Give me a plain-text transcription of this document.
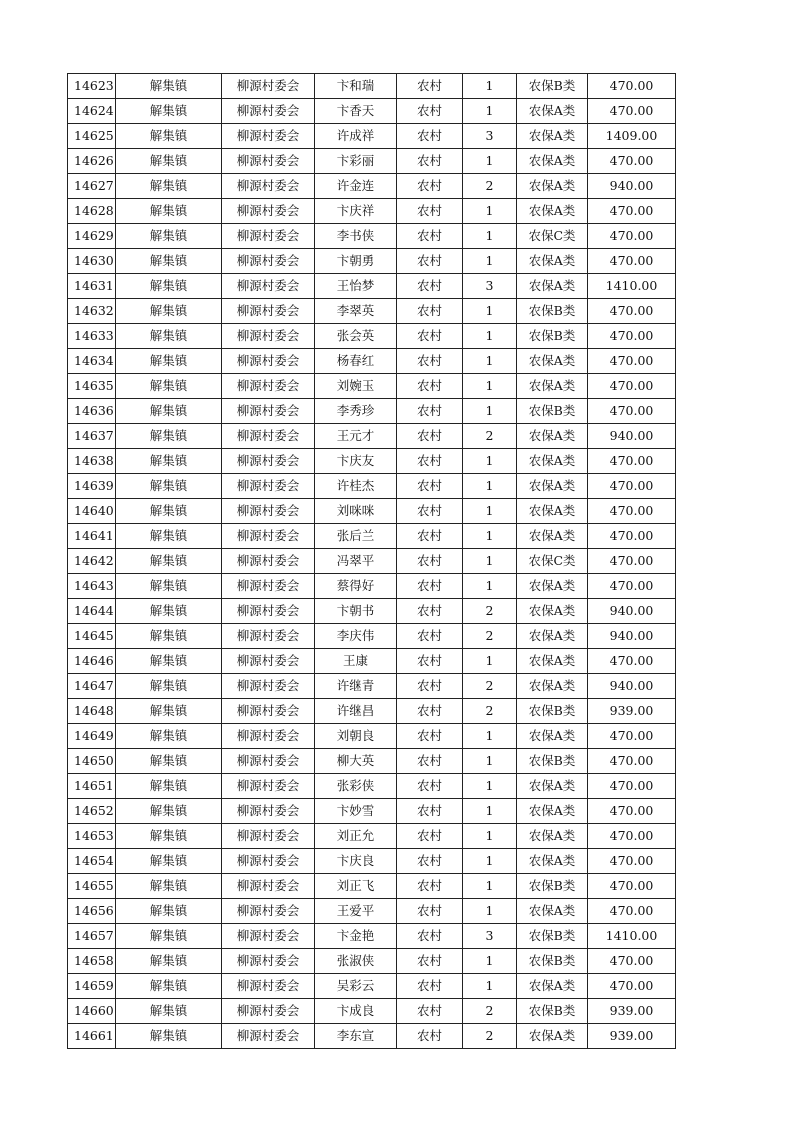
14623	解集镇	柳源村委会	卞和瑞	农村	1	农保B类	470.00
14624	解集镇	柳源村委会	卞香天	农村	1	农保A类	470.00
14625	解集镇	柳源村委会	许成祥	农村	3	农保A类	1409.00
14626	解集镇	柳源村委会	卞彩丽	农村	1	农保A类	470.00
14627	解集镇	柳源村委会	许金连	农村	2	农保A类	940.00
14628	解集镇	柳源村委会	卞庆祥	农村	1	农保A类	470.00
14629	解集镇	柳源村委会	李书侠	农村	1	农保C类	470.00
14630	解集镇	柳源村委会	卞朝勇	农村	1	农保A类	470.00
14631	解集镇	柳源村委会	王怡梦	农村	3	农保A类	1410.00
14632	解集镇	柳源村委会	李翠英	农村	1	农保B类	470.00
14633	解集镇	柳源村委会	张会英	农村	1	农保B类	470.00
14634	解集镇	柳源村委会	杨春红	农村	1	农保A类	470.00
14635	解集镇	柳源村委会	刘婉玉	农村	1	农保A类	470.00
14636	解集镇	柳源村委会	李秀珍	农村	1	农保B类	470.00
14637	解集镇	柳源村委会	王元才	农村	2	农保A类	940.00
14638	解集镇	柳源村委会	卞庆友	农村	1	农保A类	470.00
14639	解集镇	柳源村委会	许桂杰	农村	1	农保A类	470.00
14640	解集镇	柳源村委会	刘咪咪	农村	1	农保A类	470.00
14641	解集镇	柳源村委会	张后兰	农村	1	农保A类	470.00
14642	解集镇	柳源村委会	冯翠平	农村	1	农保C类	470.00
14643	解集镇	柳源村委会	蔡得好	农村	1	农保A类	470.00
14644	解集镇	柳源村委会	卞朝书	农村	2	农保A类	940.00
14645	解集镇	柳源村委会	李庆伟	农村	2	农保A类	940.00
14646	解集镇	柳源村委会	王康	农村	1	农保A类	470.00
14647	解集镇	柳源村委会	许继青	农村	2	农保A类	940.00
14648	解集镇	柳源村委会	许继昌	农村	2	农保B类	939.00
14649	解集镇	柳源村委会	刘朝良	农村	1	农保A类	470.00
14650	解集镇	柳源村委会	柳大英	农村	1	农保B类	470.00
14651	解集镇	柳源村委会	张彩侠	农村	1	农保A类	470.00
14652	解集镇	柳源村委会	卞妙雪	农村	1	农保A类	470.00
14653	解集镇	柳源村委会	刘正允	农村	1	农保A类	470.00
14654	解集镇	柳源村委会	卞庆良	农村	1	农保A类	470.00
14655	解集镇	柳源村委会	刘正飞	农村	1	农保B类	470.00
14656	解集镇	柳源村委会	王爱平	农村	1	农保A类	470.00
14657	解集镇	柳源村委会	卞金艳	农村	3	农保B类	1410.00
14658	解集镇	柳源村委会	张淑侠	农村	1	农保B类	470.00
14659	解集镇	柳源村委会	吴彩云	农村	1	农保A类	470.00
14660	解集镇	柳源村委会	卞成良	农村	2	农保B类	939.00
14661	解集镇	柳源村委会	李东宣	农村	2	农保A类	939.00
